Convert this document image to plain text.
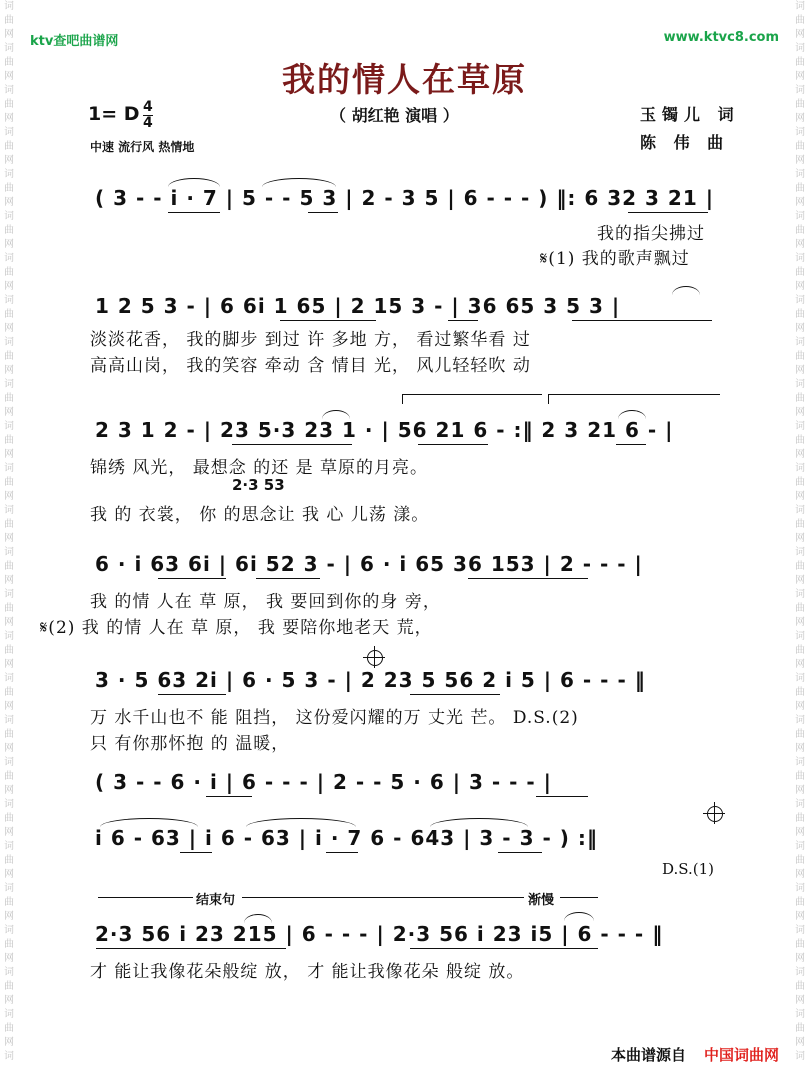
词
曲
网
词
曲
网
词
曲
网
词
曲
网
词
曲
网
词
曲
网
词
曲
网
词
曲
网
词
曲
网
词
曲
网
词
曲
网
词
曲
网
词
曲
网
词
曲
网
词
曲
网
词
曲
网
词
曲
网
词
曲
网
词
曲
网
词
曲
网
词
曲
网
词
曲
网
词
曲
网
词
曲
网
词
曲
网
词
词
曲
网
词
曲
网
词
曲
网
词
曲
网
词
曲
网
词
曲
网
词
曲
网
词
曲
网
词
曲
网
词
曲
网
词
曲
网
词
曲
网
词
曲
网
词
曲
网
词
曲
网
词
曲
网
词
曲
网
词
曲
网
词
曲
网
词
曲
网
词
曲
网
词
曲
网
词
曲
网
词
曲
网
词
曲
网
词
ktv查吧曲谱网	www.ktvc8.com
我的情人在草原
（ 胡红艳 演唱 ）
1= D 4
4
中速 流行风 热情地
玉镯儿 词
陈 伟 曲
( 3 - - i · 7 | 5 - - 5 3 | 2 - 3 5 | 6 - - - ) ‖: 6 32 3 21 |
我的指尖拂过
𝄋(1) 我的歌声飘过
1 2 5 3 - | 6 6i 1 65 | 2 15 3 - | 36 65 3 5 3 |
淡淡花香， 我的脚步 到过 许 多地 方， 看过繁华看 过
高高山岗， 我的笑容 牵动 含 情目 光， 风儿轻轻吹 动
2 3 1 2 - | 23 5·3 23 1 · | 56 21 6 - :‖ 2 3 21 6 - |
锦绣 风光， 最想念 的还 是 草原的月亮。
2·3 53
我 的 衣裳， 你 的思念让 我 心 儿荡 漾。
6 · i 63 6i | 6i 52 3 - | 6 · i 65 36 153 | 2 - - - |
我 的情 人在 草 原， 我 要回到你的身 旁，
𝄋(2) 我 的情 人在 草 原， 我 要陪你地老天 荒，
3 · 5 63 2i | 6 · 5 3 - | 2 23 5 56 2 i 5 | 6 - - - ‖
万 水千山也不 能 阻挡， 这份爱闪耀的万 丈光 芒。 D.S.(2)
只 有你那怀抱 的 温暖，
( 3 - - 6 · i | 6 - - - | 2 - - 5 · 6 | 3 - - - |
i 6 - 63 | i 6 - 63 | i · 7 6 - 643 | 3 - 3 - ) :‖
D.S.(1)
结束句	渐慢
2·3 56 i 23 215 | 6 - - - | 2·3 56 i 23 i5 | 6 - - - ‖
才 能让我像花朵般绽 放， 才 能让我像花朵 般绽 放。
本曲谱源自 中国词曲网
